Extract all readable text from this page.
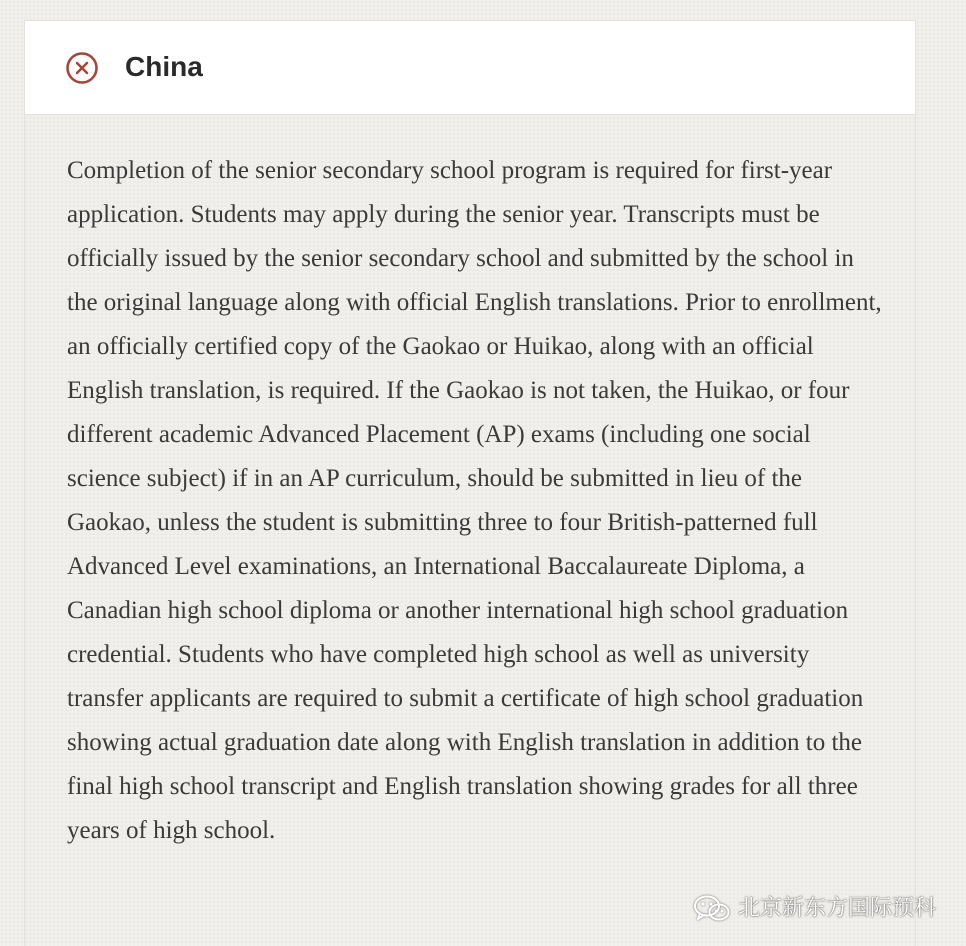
China

Completion of the senior secondary school program is required for first-year application. Students may apply during the senior year. Transcripts must be officially issued by the senior secondary school and submitted by the school in the original language along with official English translations. Prior to enrollment, an officially certified copy of the Gaokao or Huikao, along with an official English translation, is required. If the Gaokao is not taken, the Huikao, or four different academic Advanced Placement (AP) exams (including one social science subject) if in an AP curriculum, should be submitted in lieu of the Gaokao, unless the student is submitting three to four British-patterned full Advanced Level examinations, an International Baccalaureate Diploma, a Canadian high school diploma or another international high school graduation credential. Students who have completed high school as well as university transfer applicants are required to submit a certificate of high school graduation showing actual graduation date along with English translation in addition to the final high school transcript and English translation showing grades for all three years of high school.

北京新东方国际预科
